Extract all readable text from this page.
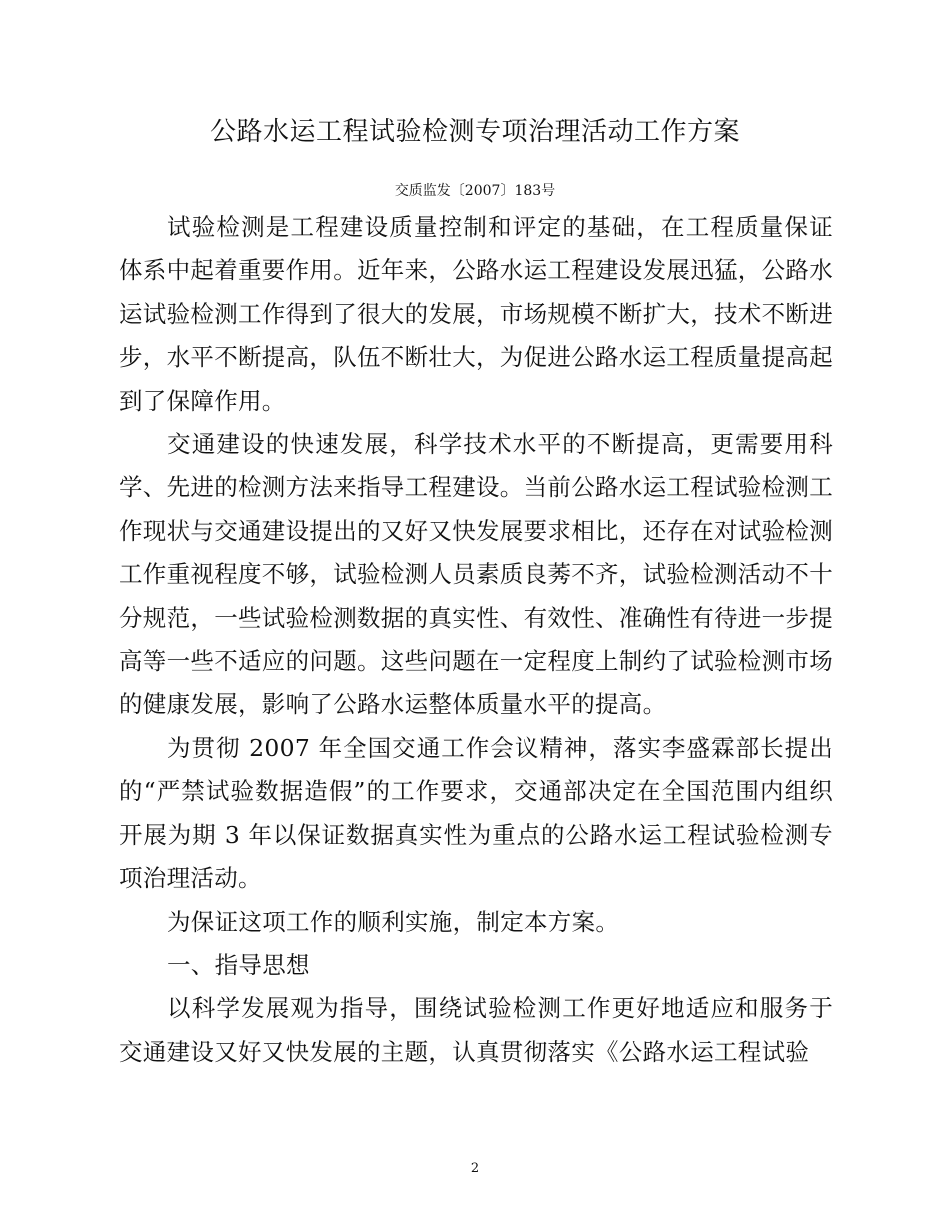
公路水运工程试验检测专项治理活动工作方案
交质监发〔2007〕183号

试验检测是工程建设质量控制和评定的基础，在工程质量保证体系中起着重要作用。近年来，公路水运工程建设发展迅猛，公路水运试验检测工作得到了很大的发展，市场规模不断扩大，技术不断进步，水平不断提高，队伍不断壮大，为促进公路水运工程质量提高起到了保障作用。

交通建设的快速发展，科学技术水平的不断提高，更需要用科学、先进的检测方法来指导工程建设。当前公路水运工程试验检测工作现状与交通建设提出的又好又快发展要求相比，还存在对试验检测工作重视程度不够，试验检测人员素质良莠不齐，试验检测活动不十分规范，一些试验检测数据的真实性、有效性、准确性有待进一步提高等一些不适应的问题。这些问题在一定程度上制约了试验检测市场的健康发展，影响了公路水运整体质量水平的提高。

为贯彻 2007 年全国交通工作会议精神，落实李盛霖部长提出的“严禁试验数据造假”的工作要求，交通部决定在全国范围内组织开展为期 3 年以保证数据真实性为重点的公路水运工程试验检测专项治理活动。

为保证这项工作的顺利实施，制定本方案。

一、指导思想

以科学发展观为指导，围绕试验检测工作更好地适应和服务于交通建设又好又快发展的主题，认真贯彻落实《公路水运工程试验

2
